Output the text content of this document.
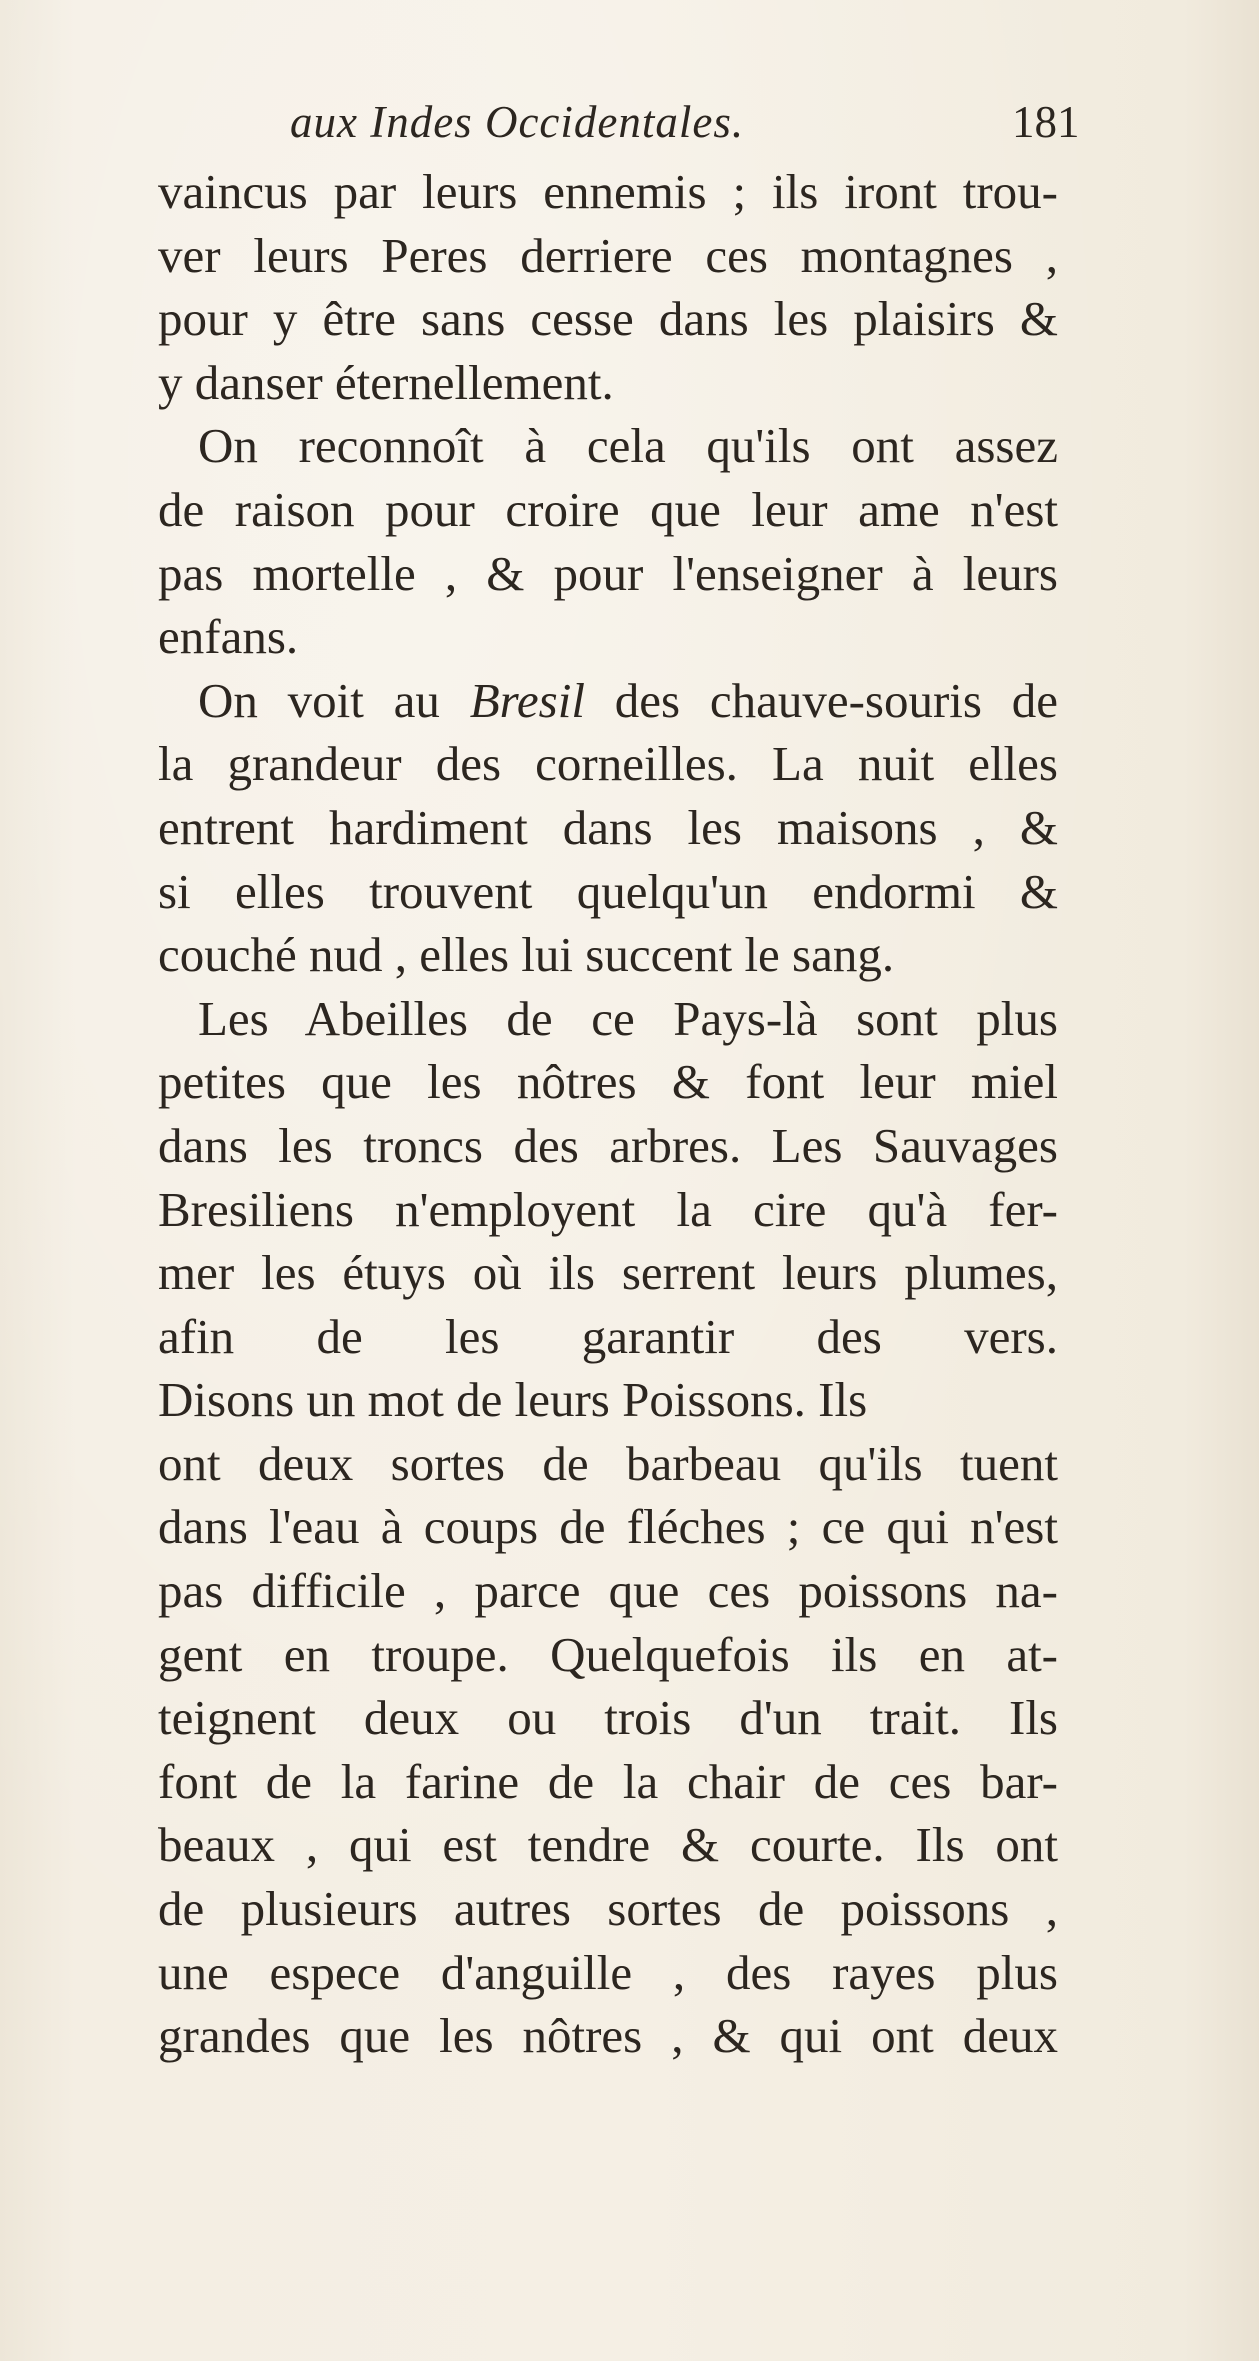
aux Indes Occidentales.	181
vaincus par leurs ennemis ; ils iront trou-
ver leurs Peres derriere ces montagnes ,
pour y être sans cesse dans les plaisirs &
y danser éternellement.
On reconnoît à cela qu'ils ont assez
de raison pour croire que leur ame n'est
pas mortelle , & pour l'enseigner à leurs
enfans.
On voit au Bresil des chauve-souris de
la grandeur des corneilles. La nuit elles
entrent hardiment dans les maisons , &
si elles trouvent quelqu'un endormi &
couché nud , elles lui succent le sang.
Les Abeilles de ce Pays-là sont plus
petites que les nôtres & font leur miel
dans les troncs des arbres. Les Sauvages
Bresiliens n'employent la cire qu'à fer-
mer les étuys où ils serrent leurs plumes,
afin de les garantir des vers.
Disons un mot de leurs Poissons. Ils
ont deux sortes de barbeau qu'ils tuent
dans l'eau à coups de fléches ; ce qui n'est
pas difficile , parce que ces poissons na-
gent en troupe. Quelquefois ils en at-
teignent deux ou trois d'un trait. Ils
font de la farine de la chair de ces bar-
beaux , qui est tendre & courte. Ils ont
de plusieurs autres sortes de poissons ,
une espece d'anguille , des rayes plus
grandes que les nôtres , & qui ont deux
